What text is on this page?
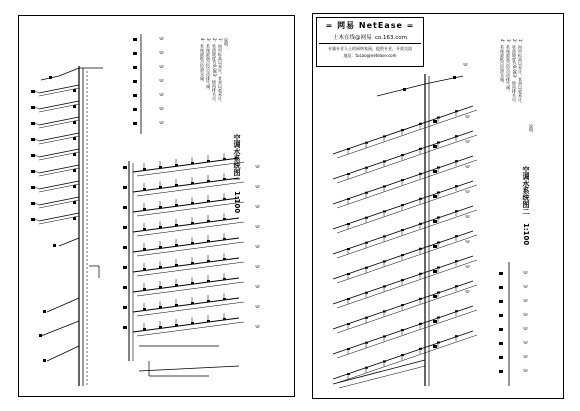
空调水系统图一 1:100
说明：
1、图中标高以米计，其余以毫米计。
2、管道坡度为0.003，坡向排水点。
3、系统最高点设自动排气阀。
4、系统最低点设泄水阀。
= 网易 NetEase =
土木在线@网易 co.163.com
专属专业人士的网络家园，提供专业，开放交流
地址：tucao@netease.com
空调水系统图二 1:100
说明：
1、图中标高以米计，其余以毫米计。
2、管道坡度为0.003，坡向排水点。
3、系统最高点设自动排气阀。
4、系统最低点设泄水阀。
